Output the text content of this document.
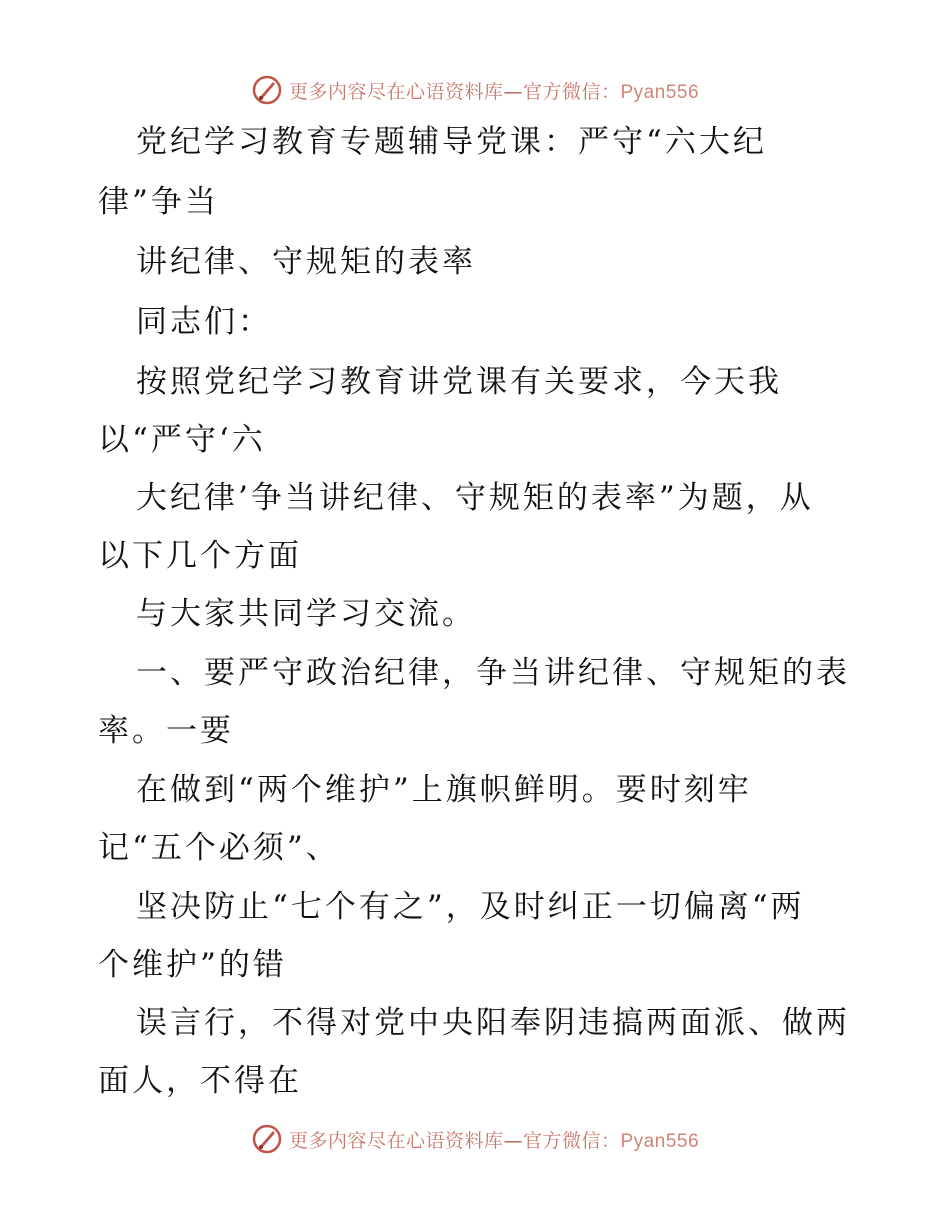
更多内容尽在心语资料库—官方微信：Pyan556
党纪学习教育专题辅导党课：严守“六大纪
律”争当
讲纪律、守规矩的表率
同志们：
按照党纪学习教育讲党课有关要求，今天我
以“严守‘六
大纪律’争当讲纪律、守规矩的表率”为题，从
以下几个方面
与大家共同学习交流。
一、要严守政治纪律，争当讲纪律、守规矩的表
率。一要
在做到“两个维护”上旗帜鲜明。要时刻牢
记“五个必须”、
坚决防止“七个有之”，及时纠正一切偏离“两
个维护”的错
误言行，不得对党中央阳奉阴违搞两面派、做两
面人，不得在
更多内容尽在心语资料库—官方微信：Pyan556
